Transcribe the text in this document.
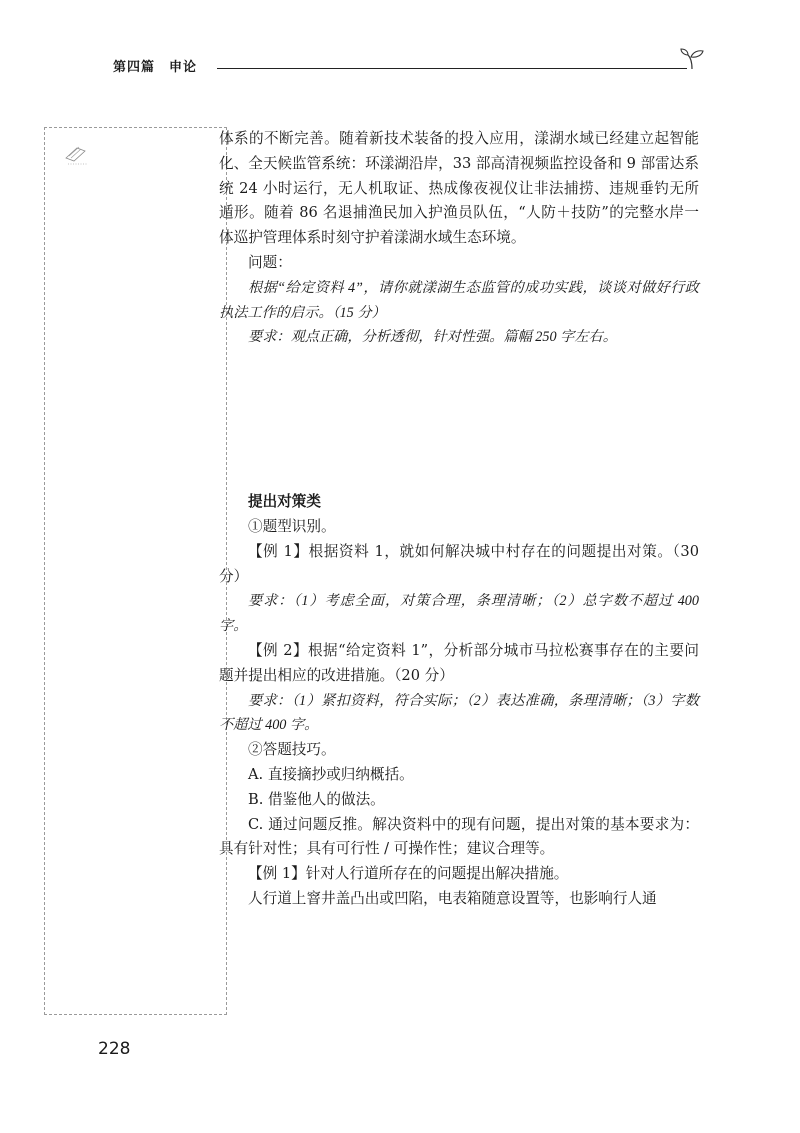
第四篇　申论

体系的不断完善。随着新技术装备的投入应用，漾湖水域已经建立起智能化、全天候监管系统：环漾湖沿岸，33 部高清视频监控设备和 9 部雷达系统 24 小时运行，无人机取证、热成像夜视仪让非法捕捞、违规垂钓无所遁形。随着 86 名退捕渔民加入护渔员队伍，“人防＋技防”的完整水岸一体巡护管理体系时刻守护着漾湖水域生态环境。

问题：

根据“给定资料 4”，请你就漾湖生态监管的成功实践，谈谈对做好行政执法工作的启示。（15 分）

要求：观点正确，分析透彻，针对性强。篇幅 250 字左右。

提出对策类

①题型识别。

【例 1】根据资料 1，就如何解决城中村存在的问题提出对策。（30 分）

要求：（1）考虑全面，对策合理，条理清晰；（2）总字数不超过 400 字。

【例 2】根据“给定资料 1”，分析部分城市马拉松赛事存在的主要问题并提出相应的改进措施。（20 分）

要求：（1）紧扣资料，符合实际；（2）表达准确，条理清晰；（3）字数不超过 400 字。

②答题技巧。

A. 直接摘抄或归纳概括。

B. 借鉴他人的做法。

C. 通过问题反推。解决资料中的现有问题，提出对策的基本要求为：具有针对性；具有可行性 / 可操作性；建议合理等。

【例 1】针对人行道所存在的问题提出解决措施。

人行道上窨井盖凸出或凹陷，电表箱随意设置等，也影响行人通

228
